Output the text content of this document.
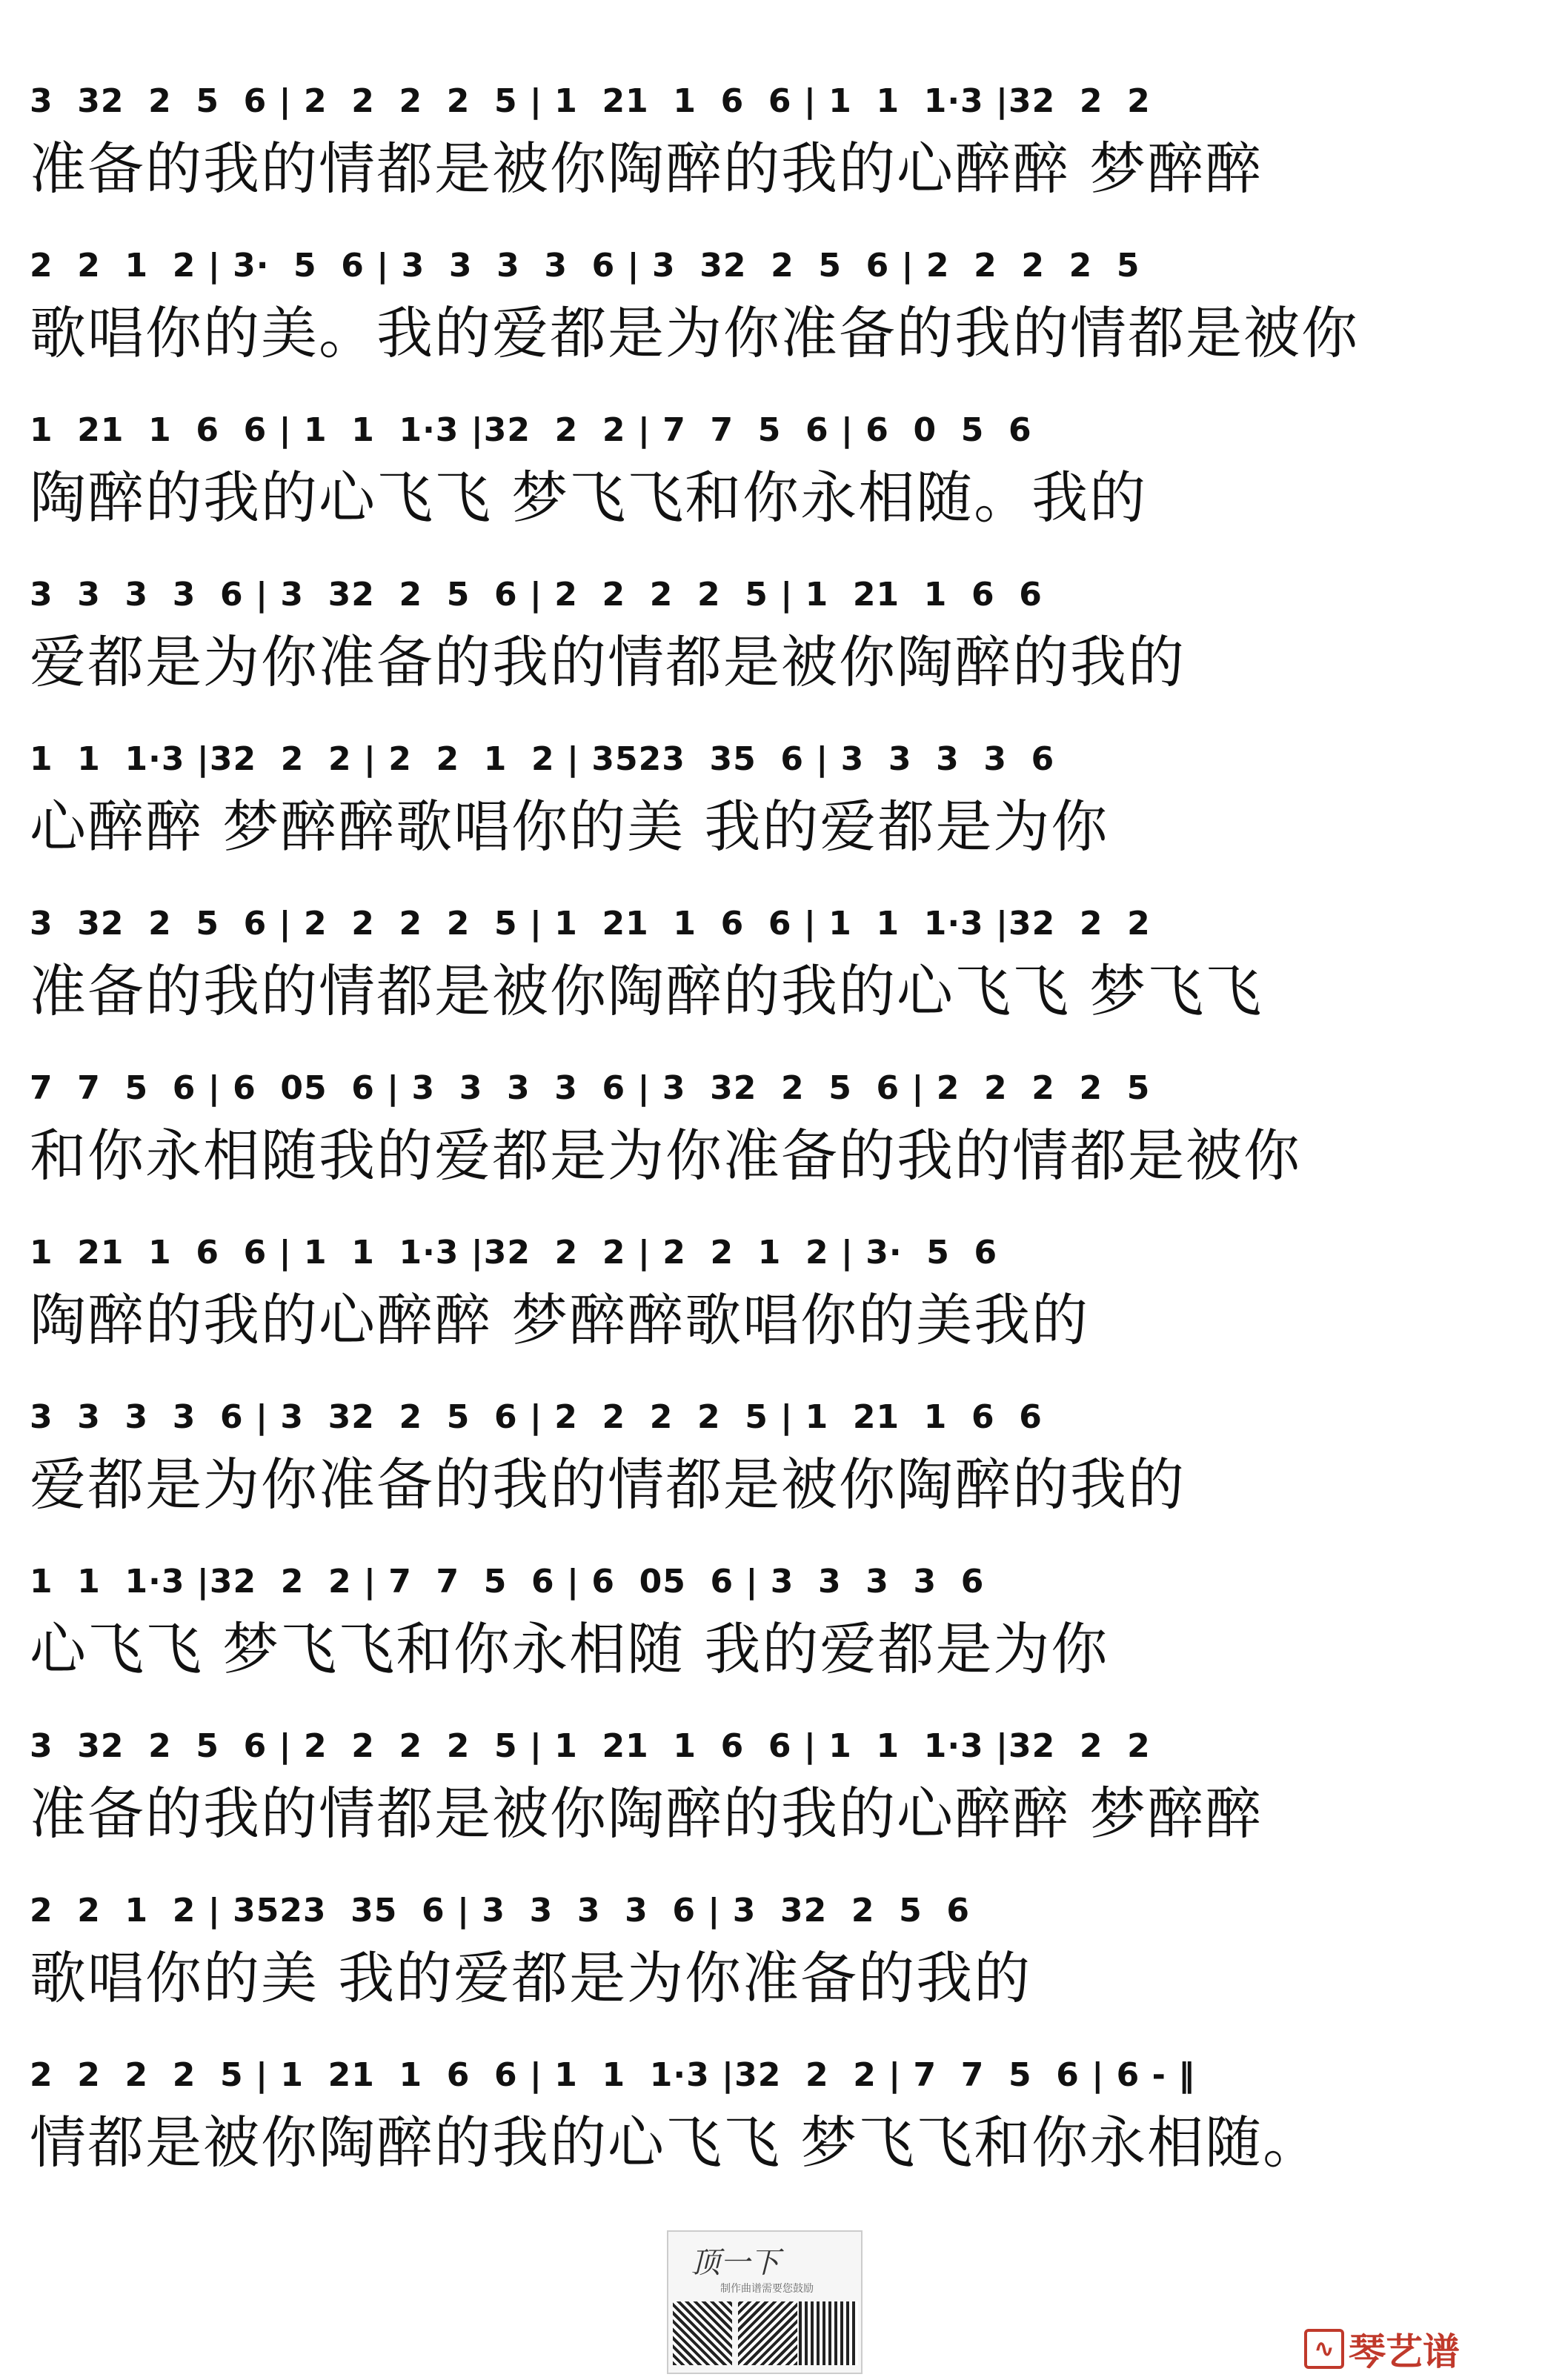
3  32  2  5  6 | 2  2  2  2  5 | 1  21  1  6  6 | 1  1  1·3 |32  2  2
准备的我的情都是被你陶醉的我的心醉醉 梦醉醉
2  2  1  2 | 3·  5  6 | 3  3  3  3  6 | 3  32  2  5  6 | 2  2  2  2  5
歌唱你的美。我的爱都是为你准备的我的情都是被你
1  21  1  6  6 | 1  1  1·3 |32  2  2 | 7  7  5  6 | 6  0  5  6
陶醉的我的心飞飞 梦飞飞和你永相随。我的
3  3  3  3  6 | 3  32  2  5  6 | 2  2  2  2  5 | 1  21  1  6  6
爱都是为你准备的我的情都是被你陶醉的我的
1  1  1·3 |32  2  2 | 2  2  1  2 | 3523  35  6 | 3  3  3  3  6
心醉醉 梦醉醉歌唱你的美 我的爱都是为你
3  32  2  5  6 | 2  2  2  2  5 | 1  21  1  6  6 | 1  1  1·3 |32  2  2
准备的我的情都是被你陶醉的我的心飞飞 梦飞飞
7  7  5  6 | 6  05  6 | 3  3  3  3  6 | 3  32  2  5  6 | 2  2  2  2  5
和你永相随我的爱都是为你准备的我的情都是被你
1  21  1  6  6 | 1  1  1·3 |32  2  2 | 2  2  1  2 | 3·  5  6
陶醉的我的心醉醉 梦醉醉歌唱你的美我的
3  3  3  3  6 | 3  32  2  5  6 | 2  2  2  2  5 | 1  21  1  6  6
爱都是为你准备的我的情都是被你陶醉的我的
1  1  1·3 |32  2  2 | 7  7  5  6 | 6  05  6 | 3  3  3  3  6
心飞飞 梦飞飞和你永相随 我的爱都是为你
3  32  2  5  6 | 2  2  2  2  5 | 1  21  1  6  6 | 1  1  1·3 |32  2  2
准备的我的情都是被你陶醉的我的心醉醉 梦醉醉
2  2  1  2 | 3523  35  6 | 3  3  3  3  6 | 3  32  2  5  6
歌唱你的美 我的爱都是为你准备的我的
2  2  2  2  5 | 1  21  1  6  6 | 1  1  1·3 |32  2  2 | 7  7  5  6 | 6 - ‖
情都是被你陶醉的我的心飞飞 梦飞飞和你永相随。
顶一下
制作曲谱需要您鼓励
∿ 琴艺谱
